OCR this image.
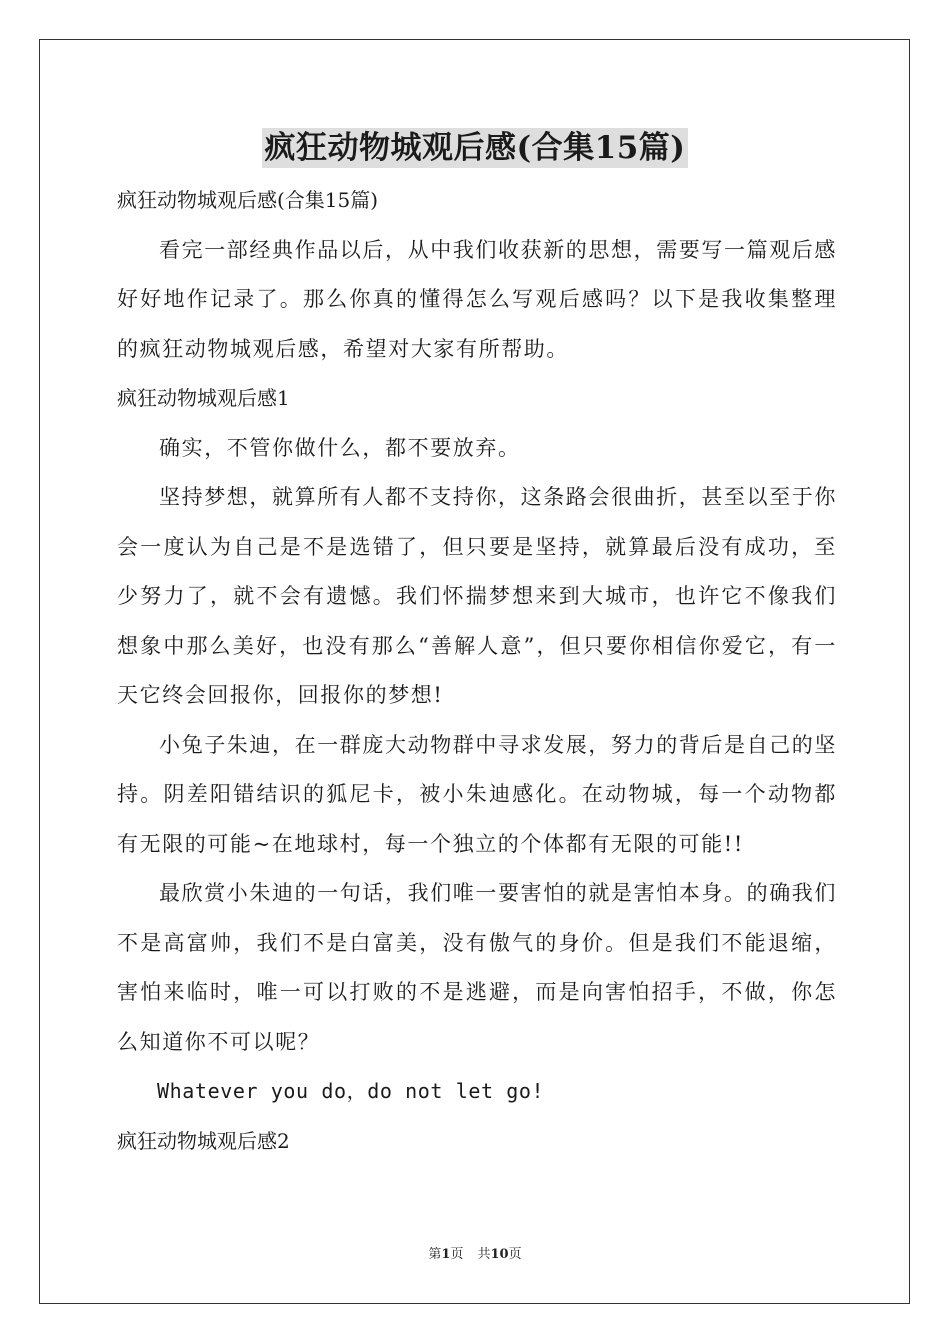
疯狂动物城观后感(合集15篇)

疯狂动物城观后感(合集15篇)

看完一部经典作品以后，从中我们收获新的思想，需要写一篇观后感好好地作记录了。那么你真的懂得怎么写观后感吗？以下是我收集整理的疯狂动物城观后感，希望对大家有所帮助。

疯狂动物城观后感1

确实，不管你做什么，都不要放弃。

坚持梦想，就算所有人都不支持你，这条路会很曲折，甚至以至于你会一度认为自己是不是选错了，但只要是坚持，就算最后没有成功，至少努力了，就不会有遗憾。我们怀揣梦想来到大城市，也许它不像我们想象中那么美好，也没有那么“善解人意”，但只要你相信你爱它，有一天它终会回报你，回报你的梦想!

小兔子朱迪，在一群庞大动物群中寻求发展，努力的背后是自己的坚持。阴差阳错结识的狐尼卡，被小朱迪感化。在动物城，每一个动物都有无限的可能~在地球村，每一个独立的个体都有无限的可能!!

最欣赏小朱迪的一句话，我们唯一要害怕的就是害怕本身。的确我们不是高富帅，我们不是白富美，没有傲气的身价。但是我们不能退缩，害怕来临时，唯一可以打败的不是逃避，而是向害怕招手，不做，你怎么知道你不可以呢？

Whatever you do，do not let go!

疯狂动物城观后感2

第1页 共10页
